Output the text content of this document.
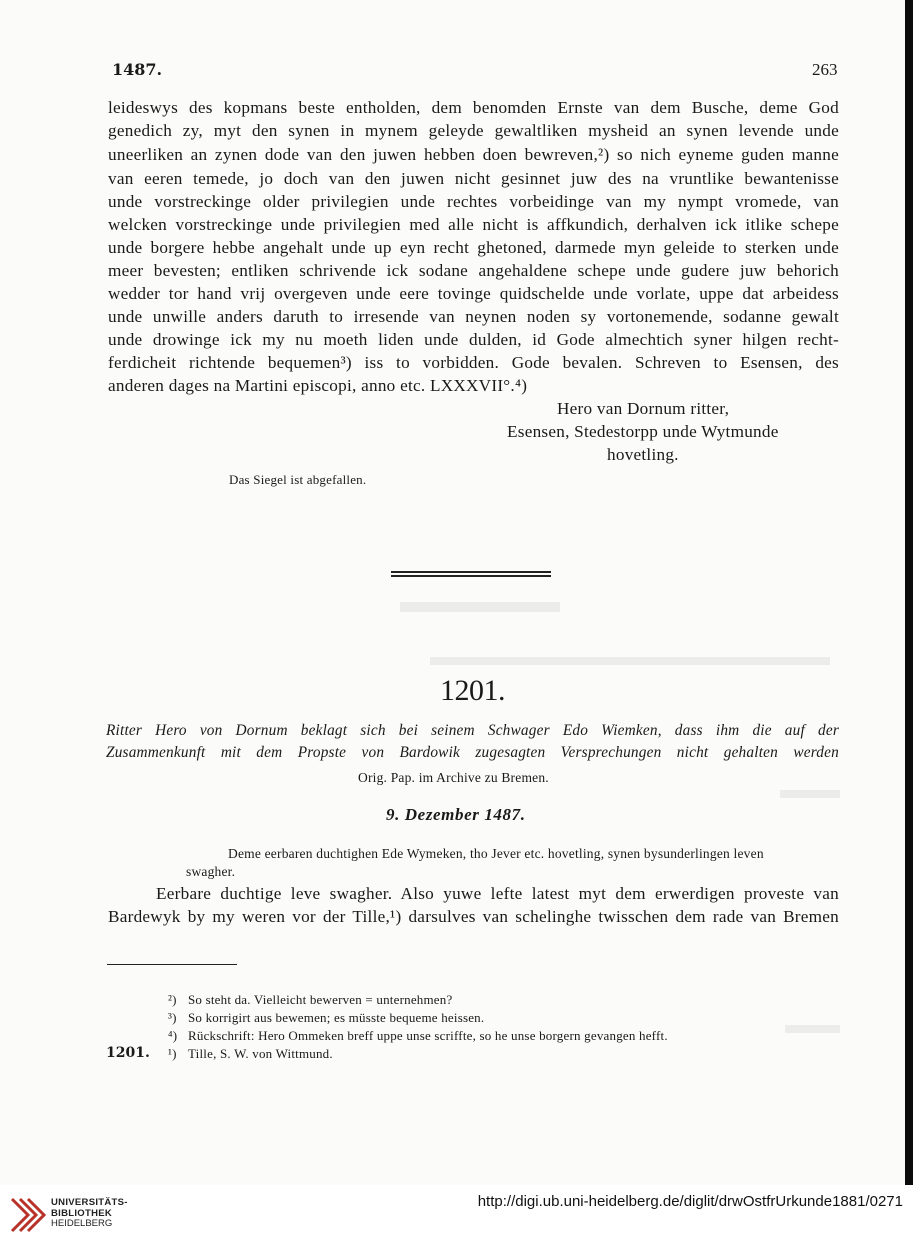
1487.	263
leideswys des kopmans beste entholden, dem benomden Ernste van dem Busche, deme God
genedich zy, myt den synen in mynem geleyde gewaltliken mysheid an synen levende unde
uneerliken an zynen dode van den juwen hebben doen bewreven,²) so nich eyneme guden manne
van eeren temede, jo doch van den juwen nicht gesinnet juw des na vruntlike bewantenisse
unde vorstreckinge older privilegien unde rechtes vorbeidinge van my nympt vromede, van
welcken vorstreckinge unde privilegien med alle nicht is affkundich, derhalven ick itlike schepe
unde borgere hebbe angehalt unde up eyn recht ghetoned, darmede myn geleide to sterken unde
meer bevesten; entliken schrivende ick sodane angehaldene schepe unde gudere juw behorich
wedder tor hand vrij overgeven unde eere tovinge quidschelde unde vorlate, uppe dat arbeidess
unde unwille anders daruth to irresende van neynen noden sy vortonemende, sodanne gewalt
unde drowinge ick my nu moeth liden unde dulden, id Gode almechtich syner hilgen recht-
ferdicheit richtende bequemen³) iss to vorbidden. Gode bevalen. Schreven to Esensen, des
anderen dages na Martini episcopi, anno etc. LXXXVII°.⁴)
Hero van Dornum ritter,
Esensen, Stedestorpp unde Wytmunde
hovetling.
Das Siegel ist abgefallen.
1201.
Ritter Hero von Dornum beklagt sich bei seinem Schwager Edo Wiemken, dass ihm die auf der
Zusammenkunft mit dem Propste von Bardowik zugesagten Versprechungen nicht gehalten werden
Orig. Pap. im Archive zu Bremen.
9. Dezember 1487.
Deme eerbaren duchtighen Ede Wymeken, tho Jever etc. hovetling, synen bysunderlingen leven
swagher.
Eerbare duchtige leve swagher. Also yuwe lefte latest myt dem erwerdigen proveste van
Bardewyk by my weren vor der Tille,¹) darsulves van schelinghe twisschen dem rade van Bremen
²) So steht da. Vielleicht bewerven = unternehmen?
³) So korrigirt aus bewemen; es müsste bequeme heissen.
⁴) Rückschrift: Hero Ommeken breff uppe unse scriffte, so he unse borgern gevangen hefft.
1201. ¹) Tille, S. W. von Wittmund.
UNIVERSITÄTS-
BIBLIOTHEK
HEIDELBERG
http://digi.ub.uni-heidelberg.de/diglit/drwOstfrUrkunde1881/0271
